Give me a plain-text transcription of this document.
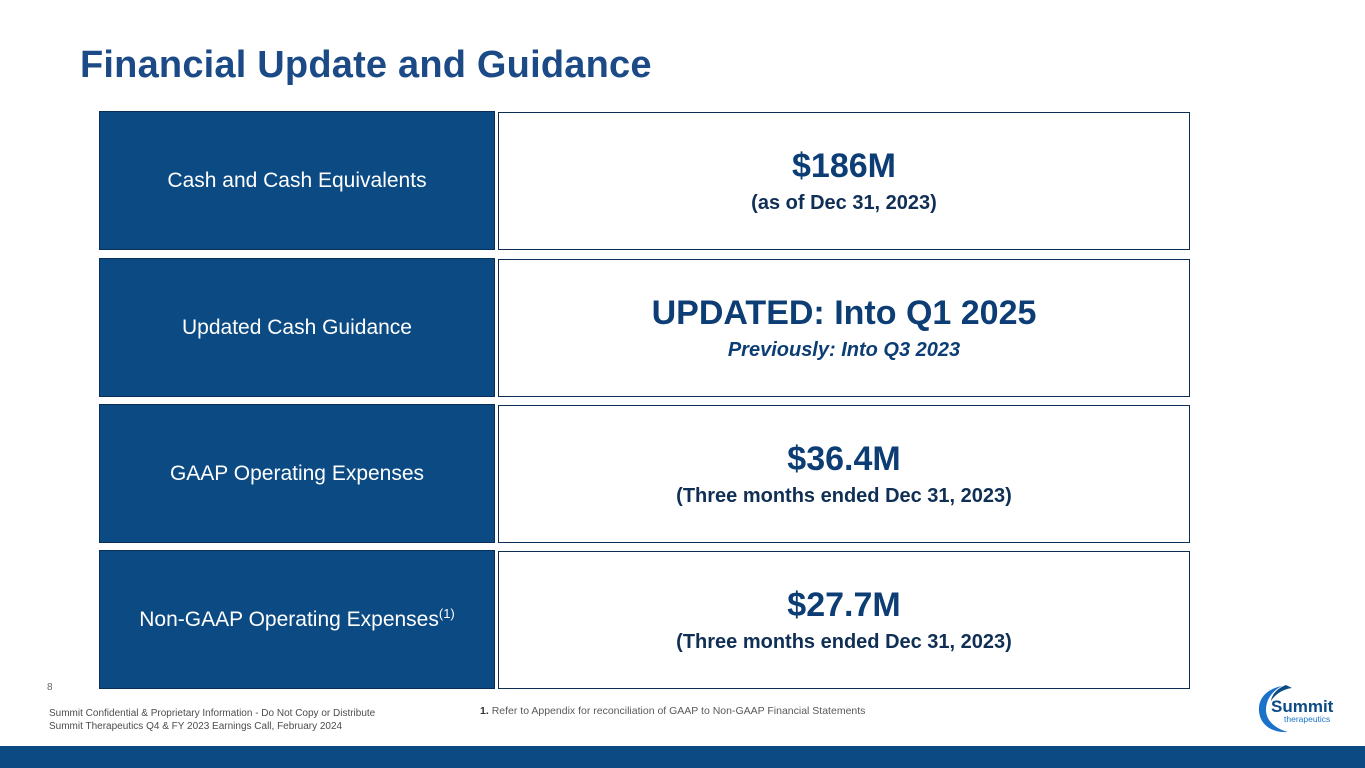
Financial Update and Guidance
Cash and Cash Equivalents	$186M
(as of Dec 31, 2023)
Updated Cash Guidance	UPDATED: Into Q1 2025
Previously: Into Q3 2023
GAAP Operating Expenses	$36.4M
(Three months ended Dec 31, 2023)
Non-GAAP Operating Expenses$^{(1)}$	$27.7M
(Three months ended Dec 31, 2023)
8
Summit Confidential & Proprietary Information - Do Not Copy or Distribute
Summit Therapeutics Q4 & FY 2023 Earnings Call, February 2024
1. Refer to Appendix for reconciliation of GAAP to Non-GAAP Financial Statements	Summit
therapeutics
